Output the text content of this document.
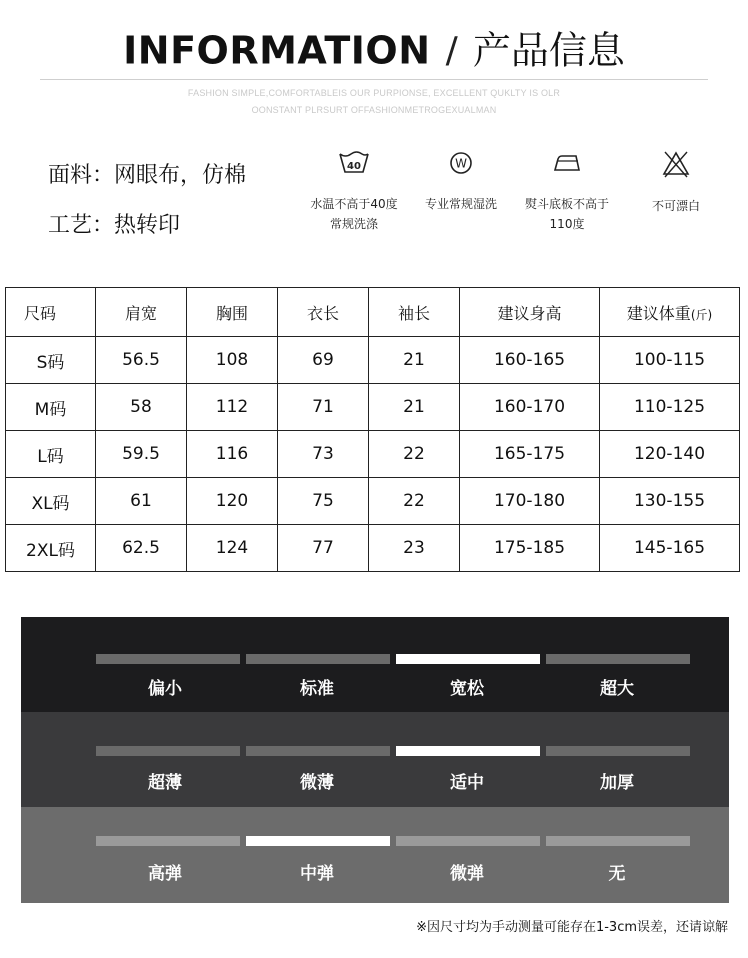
INFORMATION / 产品信息
FASHION SIMPLE,COMFORTABLEIS OUR PURPIONSE, EXCELLENT QUKLTY IS OLR
OONSTANT PLRSURT OFFASHIONMETROGEXUALMAN
面料：网眼布，仿棉
工艺：热转印
40
水温不高于40度
常规洗涤
W
专业常规湿洗	熨斗底板不高于
110度
不可漂白
尺码	肩宽	胸围	衣长	袖长	建议身高	建议体重(斤)
S码	56.5	108	69	21	160-165	100-115
M码	58	112	71	21	160-170	110-125
L码	59.5	116	73	22	165-175	120-140
XL码	61	120	75	22	170-180	130-155
2XL码	62.5	124	77	23	175-185	145-165
偏小	标准	宽松	超大
超薄	微薄	适中	加厚
高弹	中弹	微弹	无
※因尺寸均为手动测量可能存在1-3cm误差，还请谅解
